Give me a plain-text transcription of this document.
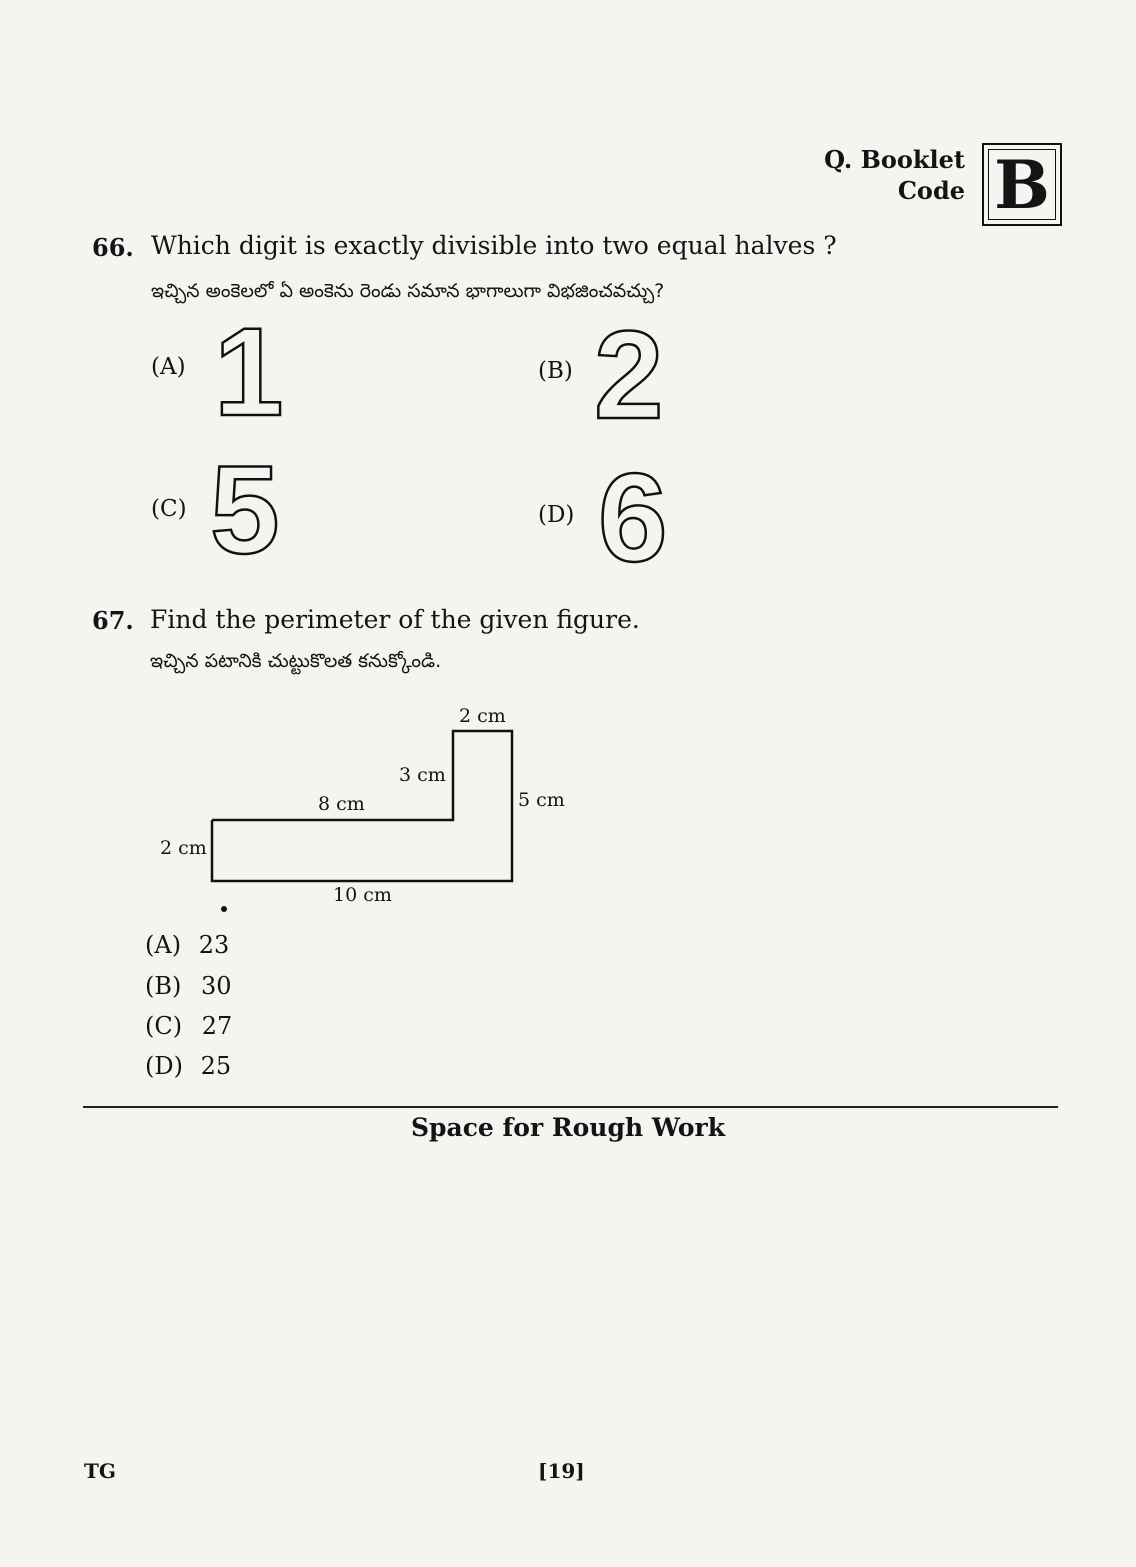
Q. Booklet
Code B
66. Which digit is exactly divisible into two equal halves ?
ఇచ్చిన అంకెలలో ఏ అంకెను రెండు సమాన భాగాలుగా విభజించవచ్చు?
(A) 1	(B) 2
(C) 5	(D) 6
67. Find the perimeter of the given figure.
ఇచ్చిన పటానికి చుట్టుకొలత కనుక్కోండి.
2 cm
3 cm
5 cm
8 cm
2 cm
10 cm
(A) 23
(B) 30
(C) 27
(D) 25
Space for Rough Work
TG	[19]
